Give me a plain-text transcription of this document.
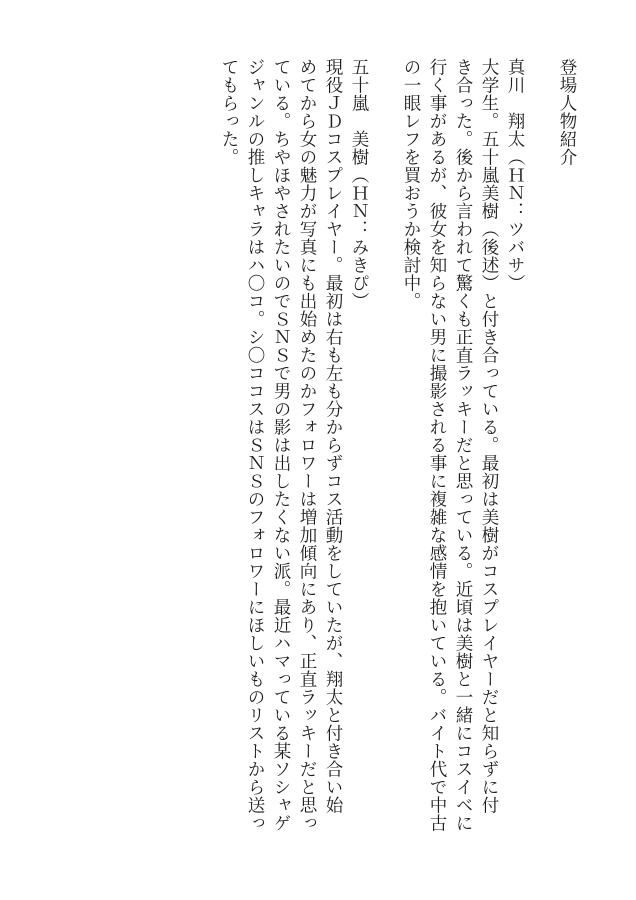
登場人物紹介
真川　翔太（ＨＮ：ツバサ）
大学生。五十嵐美樹（後述）と付き合っている。最初は美樹がコスプレイヤーだと知らずに付
き合った。後から言われて驚くも正直ラッキーだと思っている。近頃は美樹と一緒にコスイベに
行く事があるが、彼女を知らない男に撮影される事に複雑な感情を抱いている。バイト代で中古
の一眼レフを買おうか検討中。
五十嵐　美樹（ＨＮ：みきぴ）
現役ＪＤコスプレイヤー。最初は右も左も分からずコス活動をしていたが、翔太と付き合い始
めてから女の魅力が写真にも出始めたのかフォロワーは増加傾向にあり、正直ラッキーだと思っ
ている。ちやほやされたいのでＳＮＳで男の影は出したくない派。最近ハマっている某ソシャゲ
ジャンルの推しキャラはハ〇コ。シ〇ココスはＳＮＳのフォロワーにほしいものリストから送っ
てもらった。
